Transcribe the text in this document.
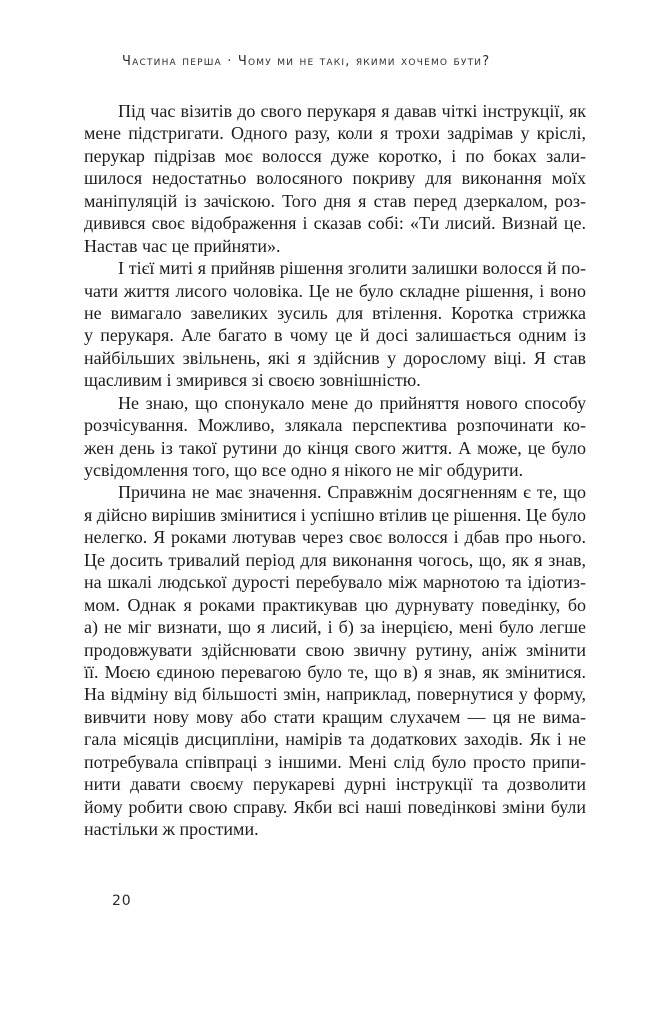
Частина перша · Чому ми не такі, якими хочемо бути?
Під час візитів до свого перукаря я давав чіткі інструкції, як
мене підстригати. Одного разу, коли я трохи задрімав у кріслі,
перукар підрізав моє волосся дуже коротко, і по боках зали-
шилося недостатньо волосяного покриву для виконання моїх
маніпуляцій із зачіскою. Того дня я став перед дзеркалом, роз-
дивився своє відображення і сказав собі: «Ти лисий. Визнай це.
Настав час це прийняти».
І тієї миті я прийняв рішення зголити залишки волосся й по-
чати життя лисого чоловіка. Це не було складне рішення, і воно
не вимагало завеликих зусиль для втілення. Коротка стрижка
у перукаря. Але багато в чому це й досі залишається одним із
найбільших звільнень, які я здійснив у дорослому віці. Я став
щасливим і змирився зі своєю зовнішністю.
Не знаю, що спонукало мене до прийняття нового способу
розчісування. Можливо, злякала перспектива розпочинати ко-
жен день із такої рутини до кінця свого життя. А може, це було
усвідомлення того, що все одно я нікого не міг обдурити.
Причина не має значення. Справжнім досягненням є те, що
я дійсно вирішив змінитися і успішно втілив це рішення. Це було
нелегко. Я роками лютував через своє волосся і дбав про нього.
Це досить тривалий період для виконання чогось, що, як я знав,
на шкалі людської дурості перебувало між марнотою та ідіотиз-
мом. Однак я роками практикував цю дурнувату поведінку, бо
а) не міг визнати, що я лисий, і б) за інерцією, мені було легше
продовжувати здійснювати свою звичну рутину, аніж змінити
її. Моєю єдиною перевагою було те, що в) я знав, як змінитися.
На відміну від більшості змін, наприклад, повернутися у форму,
вивчити нову мову або стати кращим слухачем — ця не вима-
гала місяців дисципліни, намірів та додаткових заходів. Як і не
потребувала співпраці з іншими. Мені слід було просто припи-
нити давати своєму перукареві дурні інструкції та дозволити
йому робити свою справу. Якби всі наші поведінкові зміни були
настільки ж простими.
20
